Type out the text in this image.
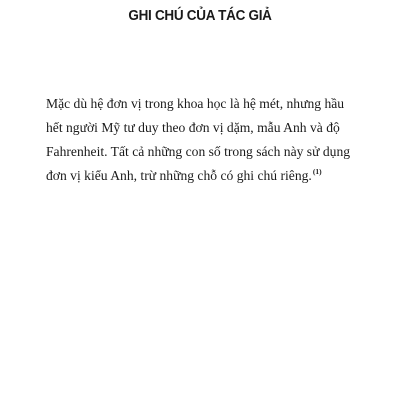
GHI CHÚ CỦA TÁC GIẢ
Mặc dù hệ đơn vị trong khoa học là hệ mét, nhưng hầu
hết người Mỹ tư duy theo đơn vị dặm, mẫu Anh và độ
Fahrenheit. Tất cả những con số trong sách này sử dụng
đơn vị kiểu Anh, trừ những chỗ có ghi chú riêng.$^{(1)}$
